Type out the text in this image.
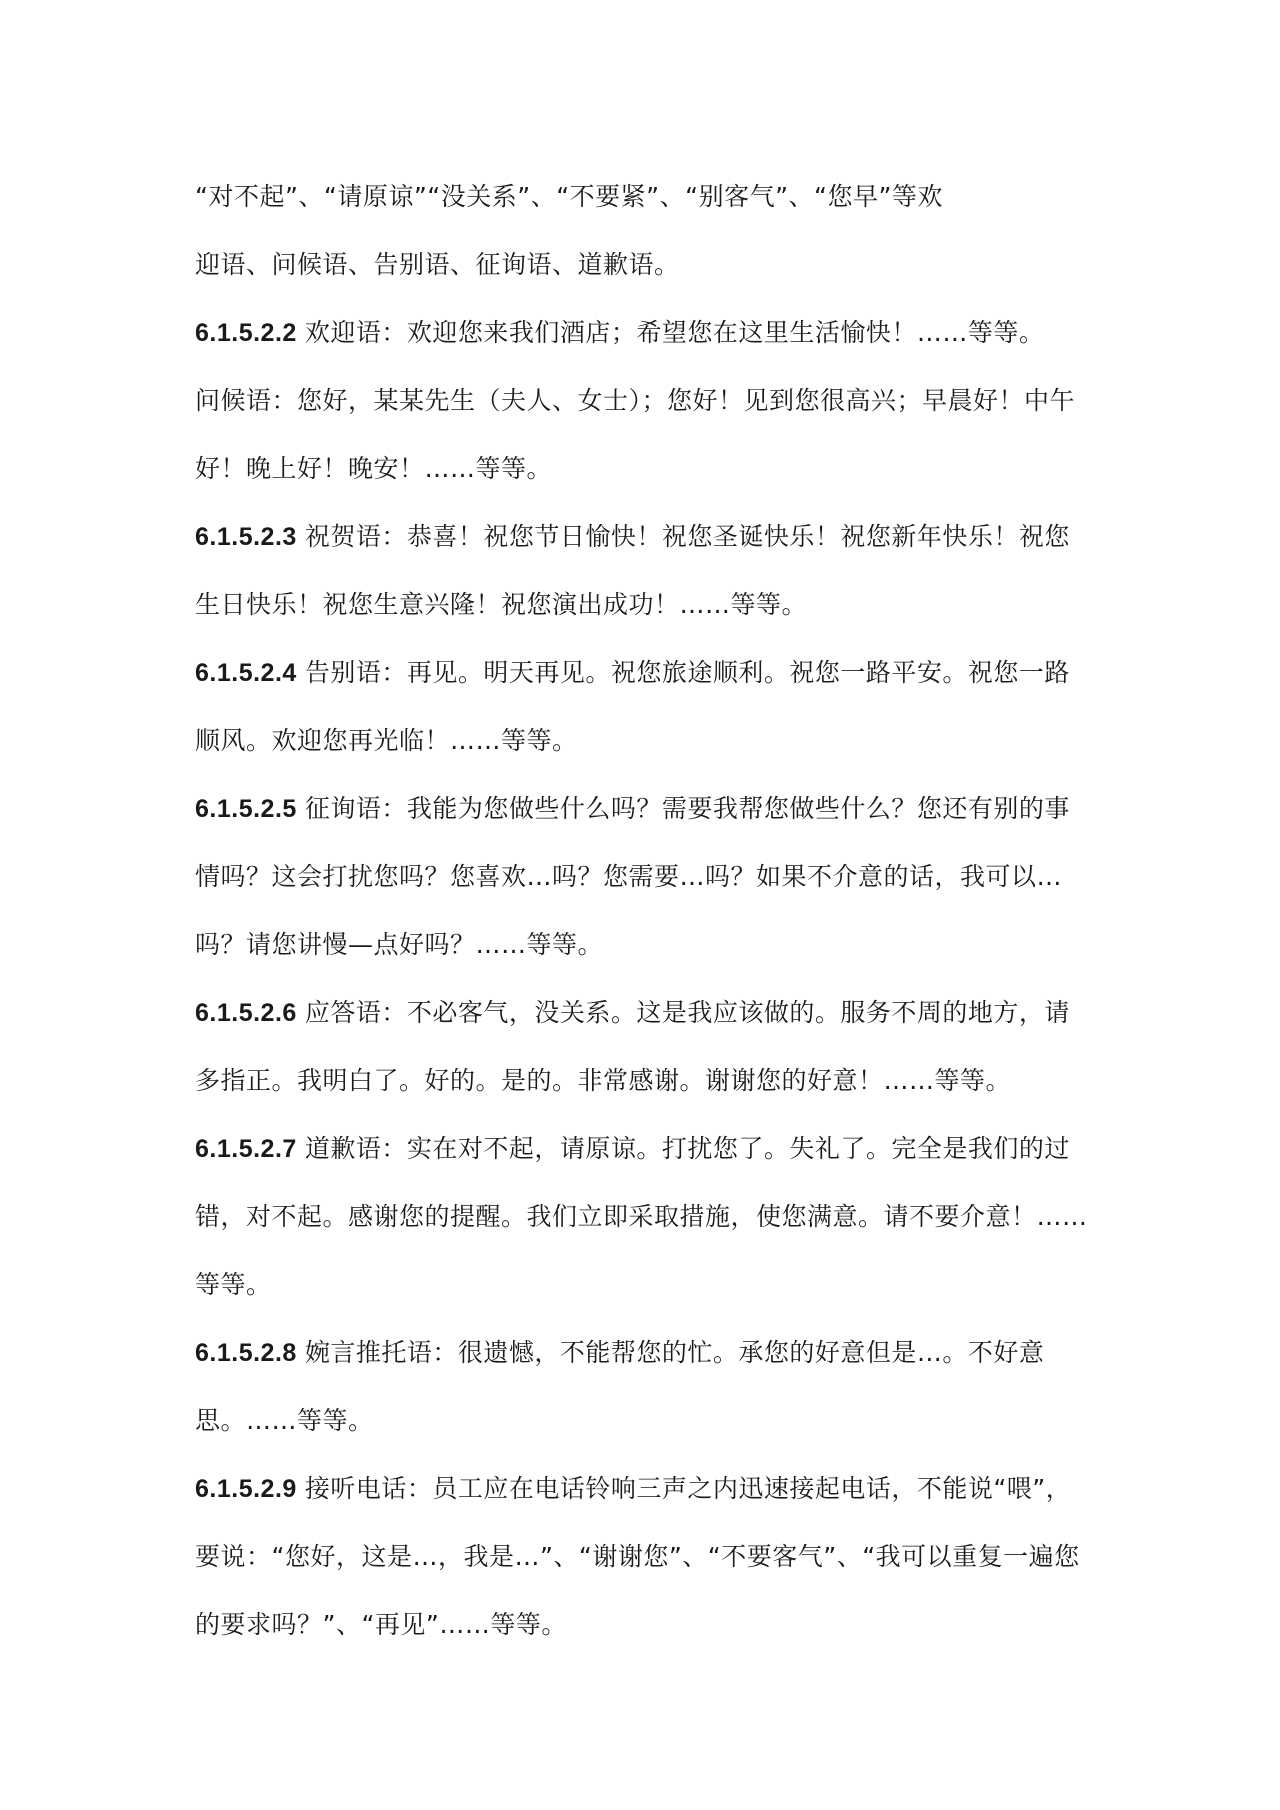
“对不起”、“请原谅”“没关系”、“不要紧”、“别客气”、“您早”等欢
迎语、问候语、告别语、征询语、道歉语。
6.1.5.2.2 欢迎语：欢迎您来我们酒店；希望您在这里生活愉快！……等等。
问候语：您好，某某先生（夫人、女士）；您好！见到您很高兴；早晨好！中午
好！晚上好！晚安！……等等。
6.1.5.2.3 祝贺语：恭喜！祝您节日愉快！祝您圣诞快乐！祝您新年快乐！祝您
生日快乐！祝您生意兴隆！祝您演出成功！……等等。
6.1.5.2.4 告别语：再见。明天再见。祝您旅途顺利。祝您一路平安。祝您一路
顺风。欢迎您再光临！……等等。
6.1.5.2.5 征询语：我能为您做些什么吗？需要我帮您做些什么？您还有别的事
情吗？这会打扰您吗？您喜欢…吗？您需要…吗？如果不介意的话，我可以…
吗？请您讲慢—点好吗？……等等。
6.1.5.2.6 应答语：不必客气，没关系。这是我应该做的。服务不周的地方，请
多指正。我明白了。好的。是的。非常感谢。谢谢您的好意！……等等。
6.1.5.2.7 道歉语：实在对不起，请原谅。打扰您了。失礼了。完全是我们的过
错，对不起。感谢您的提醒。我们立即采取措施，使您满意。请不要介意！……
等等。
6.1.5.2.8 婉言推托语：很遗憾，不能帮您的忙。承您的好意但是…。不好意
思。……等等。
6.1.5.2.9 接听电话：员工应在电话铃响三声之内迅速接起电话，不能说“喂”，
要说：“您好，这是…，我是…”、“谢谢您”、“不要客气”、“我可以重复一遍您
的要求吗？”、“再见”……等等。
